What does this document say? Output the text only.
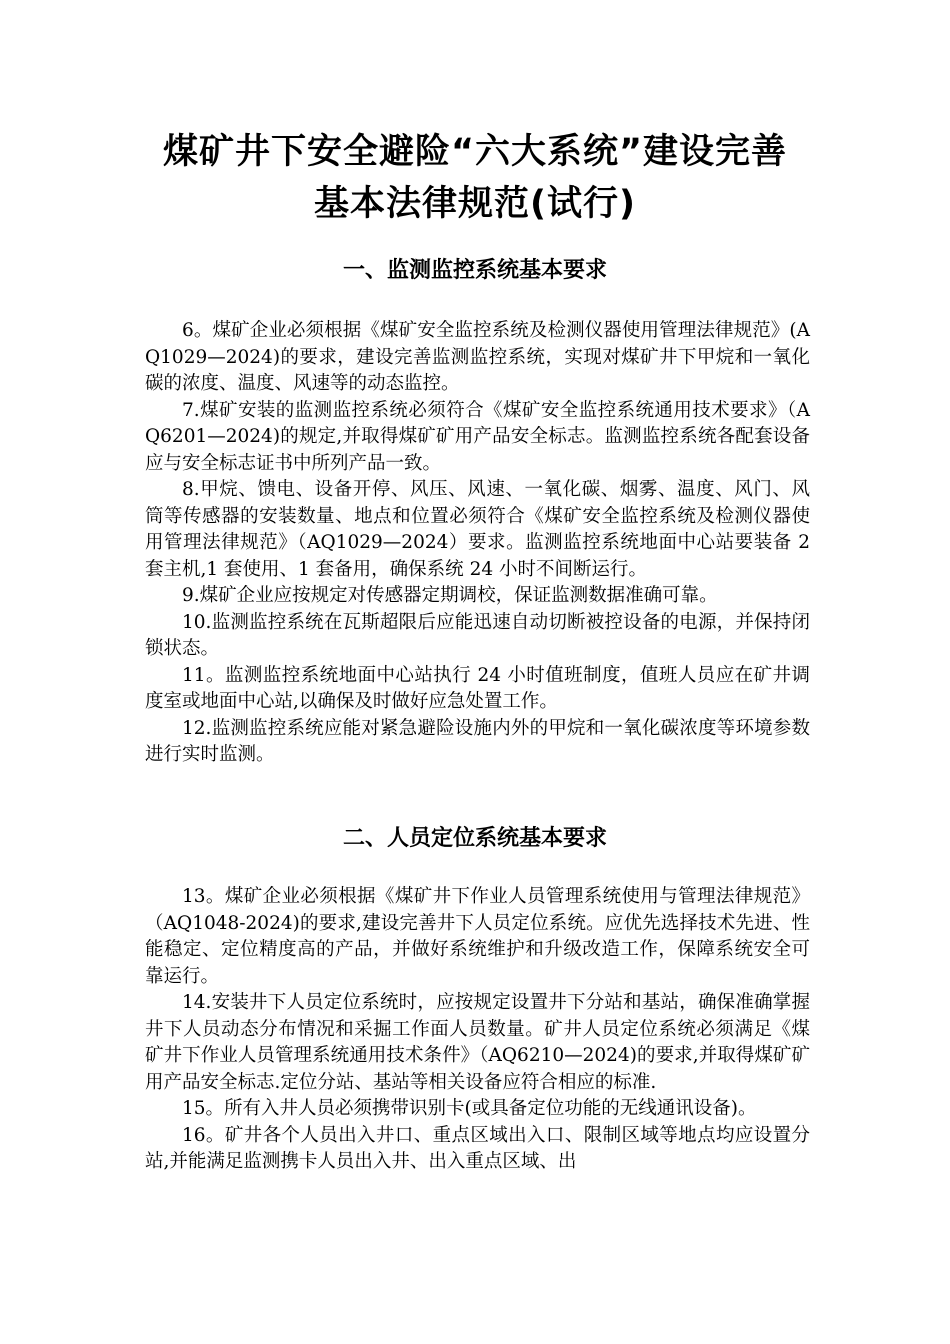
煤矿井下安全避险“六大系统”建设完善
基本法律规范(试行)
一、监测监控系统基本要求

6。煤矿企业必须根据《煤矿安全监控系统及检测仪器使用管理法律规范》(AQ1029—2024)的要求，建设完善监测监控系统，实现对煤矿井下甲烷和一氧化碳的浓度、温度、风速等的动态监控。

7.煤矿安装的监测监控系统必须符合《煤矿安全监控系统通用技术要求》（AQ6201—2024)的规定,并取得煤矿矿用产品安全标志。监测监控系统各配套设备应与安全标志证书中所列产品一致。

8.甲烷、馈电、设备开停、风压、风速、一氧化碳、烟雾、温度、风门、风筒等传感器的安装数量、地点和位置必须符合《煤矿安全监控系统及检测仪器使用管理法律规范》（AQ1029—2024）要求。监测监控系统地面中心站要装备 2 套主机,1 套使用、1 套备用，确保系统 24 小时不间断运行。

9.煤矿企业应按规定对传感器定期调校，保证监测数据准确可靠。

10.监测监控系统在瓦斯超限后应能迅速自动切断被控设备的电源，并保持闭锁状态。

11。监测监控系统地面中心站执行 24 小时值班制度，值班人员应在矿井调度室或地面中心站,以确保及时做好应急处置工作。

12.监测监控系统应能对紧急避险设施内外的甲烷和一氧化碳浓度等环境参数进行实时监测。

二、人员定位系统基本要求

13。煤矿企业必须根据《煤矿井下作业人员管理系统使用与管理法律规范》（AQ1048-2024)的要求,建设完善井下人员定位系统。应优先选择技术先进、性能稳定、定位精度高的产品，并做好系统维护和升级改造工作，保障系统安全可靠运行。

14.安装井下人员定位系统时，应按规定设置井下分站和基站，确保准确掌握井下人员动态分布情况和采掘工作面人员数量。矿井人员定位系统必须满足《煤矿井下作业人员管理系统通用技术条件》（AQ6210—2024)的要求,并取得煤矿矿用产品安全标志.定位分站、基站等相关设备应符合相应的标准.

15。所有入井人员必须携带识别卡(或具备定位功能的无线通讯设备)。

16。矿井各个人员出入井口、重点区域出入口、限制区域等地点均应设置分站,并能满足监测携卡人员出入井、出入重点区域、出
